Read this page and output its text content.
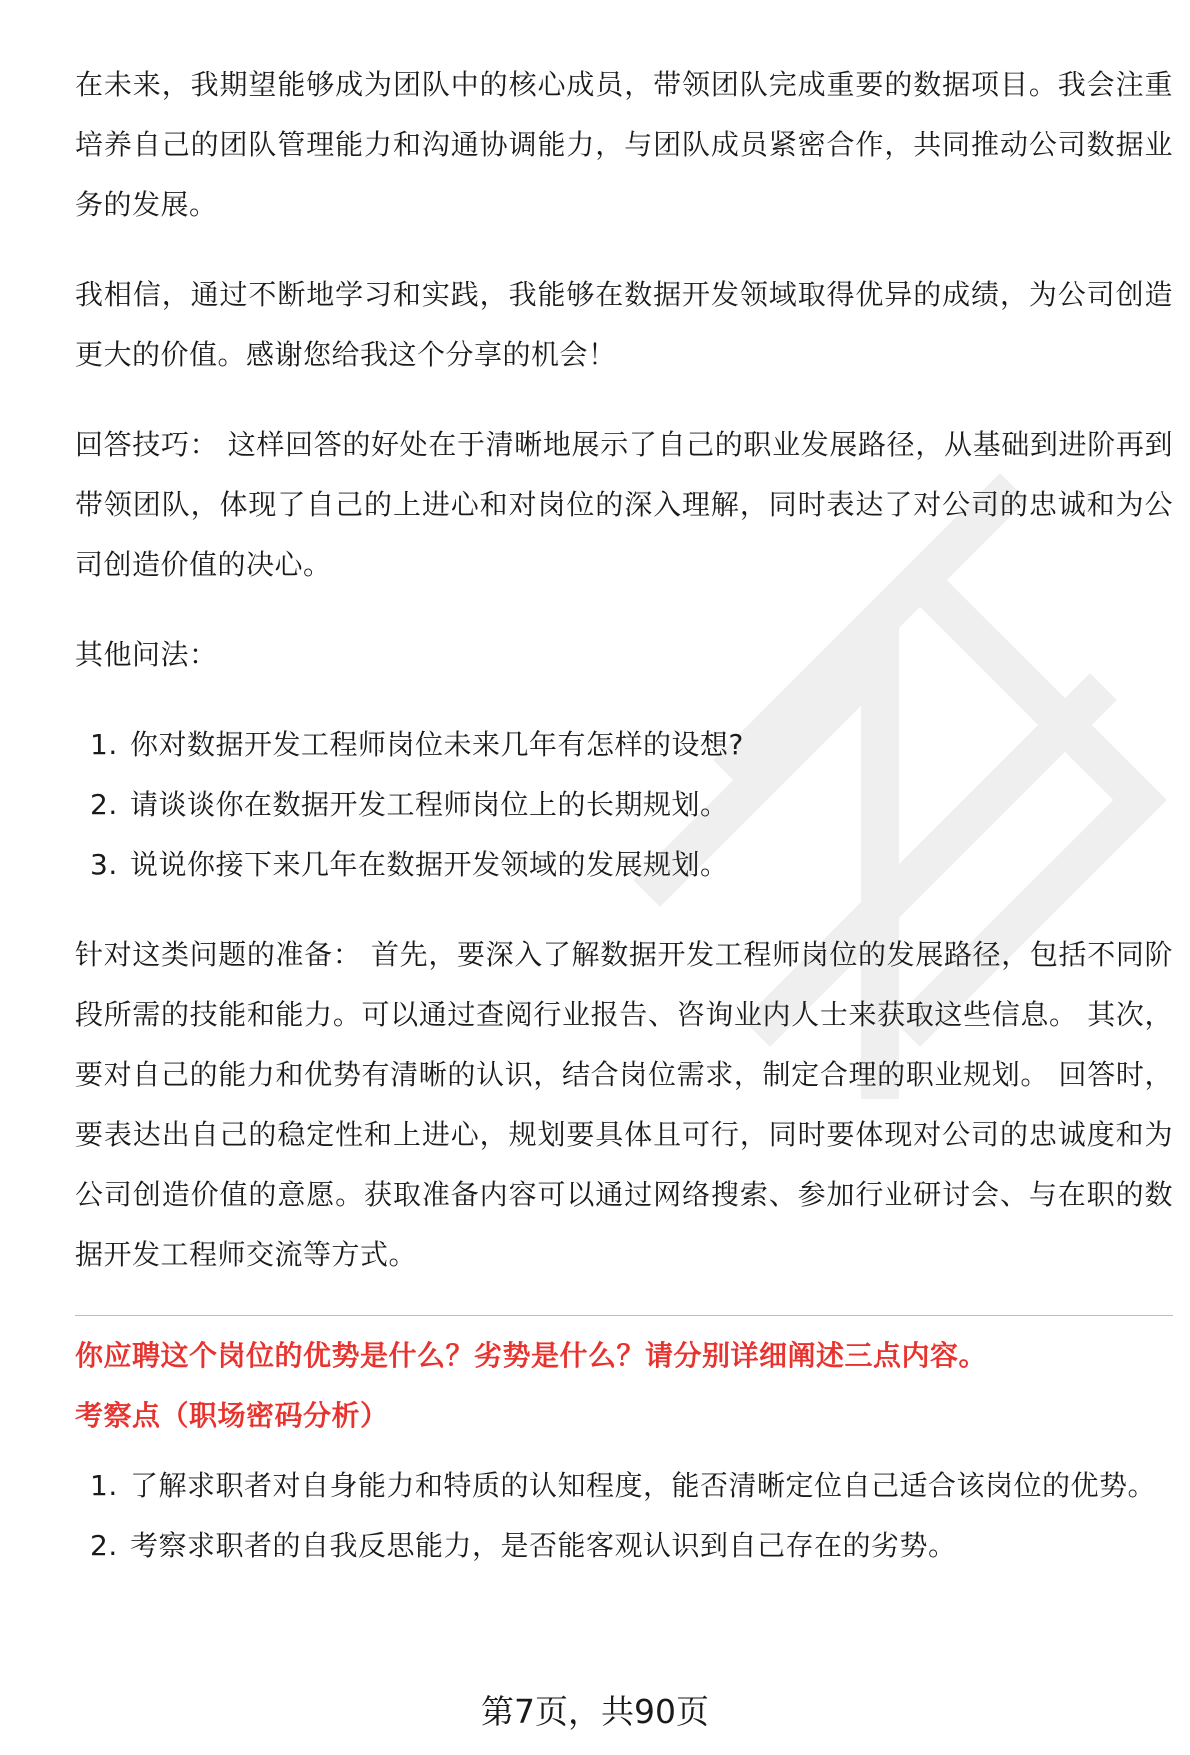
在未来，我期望能够成为团队中的核心成员，带领团队完成重要的数据项目。我会注重培养自己的团队管理能力和沟通协调能力，与团队成员紧密合作，共同推动公司数据业务的发展。

我相信，通过不断地学习和实践，我能够在数据开发领域取得优异的成绩，为公司创造更大的价值。感谢您给我这个分享的机会！

回答技巧： 这样回答的好处在于清晰地展示了自己的职业发展路径，从基础到进阶再到带领团队，体现了自己的上进心和对岗位的深入理解，同时表达了对公司的忠诚和为公司创造价值的决心。

其他问法：

1. 你对数据开发工程师岗位未来几年有怎样的设想?
2. 请谈谈你在数据开发工程师岗位上的长期规划。
3. 说说你接下来几年在数据开发领域的发展规划。

针对这类问题的准备： 首先，要深入了解数据开发工程师岗位的发展路径，包括不同阶段所需的技能和能力。可以通过查阅行业报告、咨询业内人士来获取这些信息。 其次，要对自己的能力和优势有清晰的认识，结合岗位需求，制定合理的职业规划。 回答时，要表达出自己的稳定性和上进心，规划要具体且可行，同时要体现对公司的忠诚度和为公司创造价值的意愿。获取准备内容可以通过网络搜索、参加行业研讨会、与在职的数据开发工程师交流等方式。

你应聘这个岗位的优势是什么？劣势是什么？请分别详细阐述三点内容。

考察点（职场密码分析）

1. 了解求职者对自身能力和特质的认知程度，能否清晰定位自己适合该岗位的优势。
2. 考察求职者的自我反思能力，是否能客观认识到自己存在的劣势。
第7页，共90页
